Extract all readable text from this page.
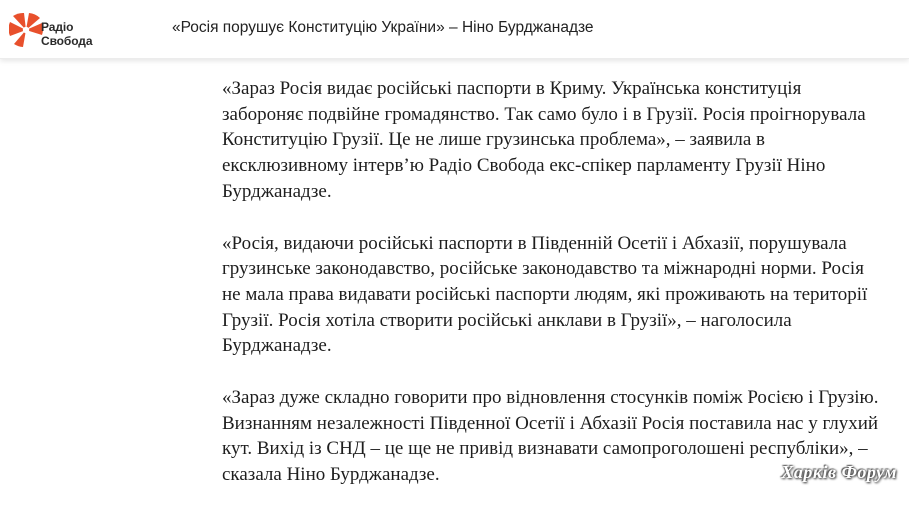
Радіо
Свобода
«Росія порушує Конституцію України» – Ніно Бурджанадзе

«Зараз Росія видає російські паспорти в Криму. Українська конституція
забороняє подвійне громадянство. Так само було і в Грузії. Росія проігнорувала
Конституцію Грузії. Це не лише грузинська проблема», – заявила в
ексклюзивному інтерв’ю Радіо Свобода екс-спікер парламенту Грузії Ніно
Бурджанадзе.

«Росія, видаючи російські паспорти в Південній Осетії і Абхазії, порушувала
грузинське законодавство, російське законодавство та міжнародні норми. Росія
не мала права видавати російські паспорти людям, які проживають на території
Грузії. Росія хотіла створити російські анклави в Грузії», – наголосила
Бурджанадзе.

«Зараз дуже складно говорити про відновлення стосунків поміж Росією і Грузію.
Визнанням незалежності Південної Осетії і Абхазії Росія поставила нас у глухий
кут. Вихід із СНД – це ще не привід визнавати самопроголошені республіки», –
сказала Ніно Бурджанадзе.	Харків Форум
